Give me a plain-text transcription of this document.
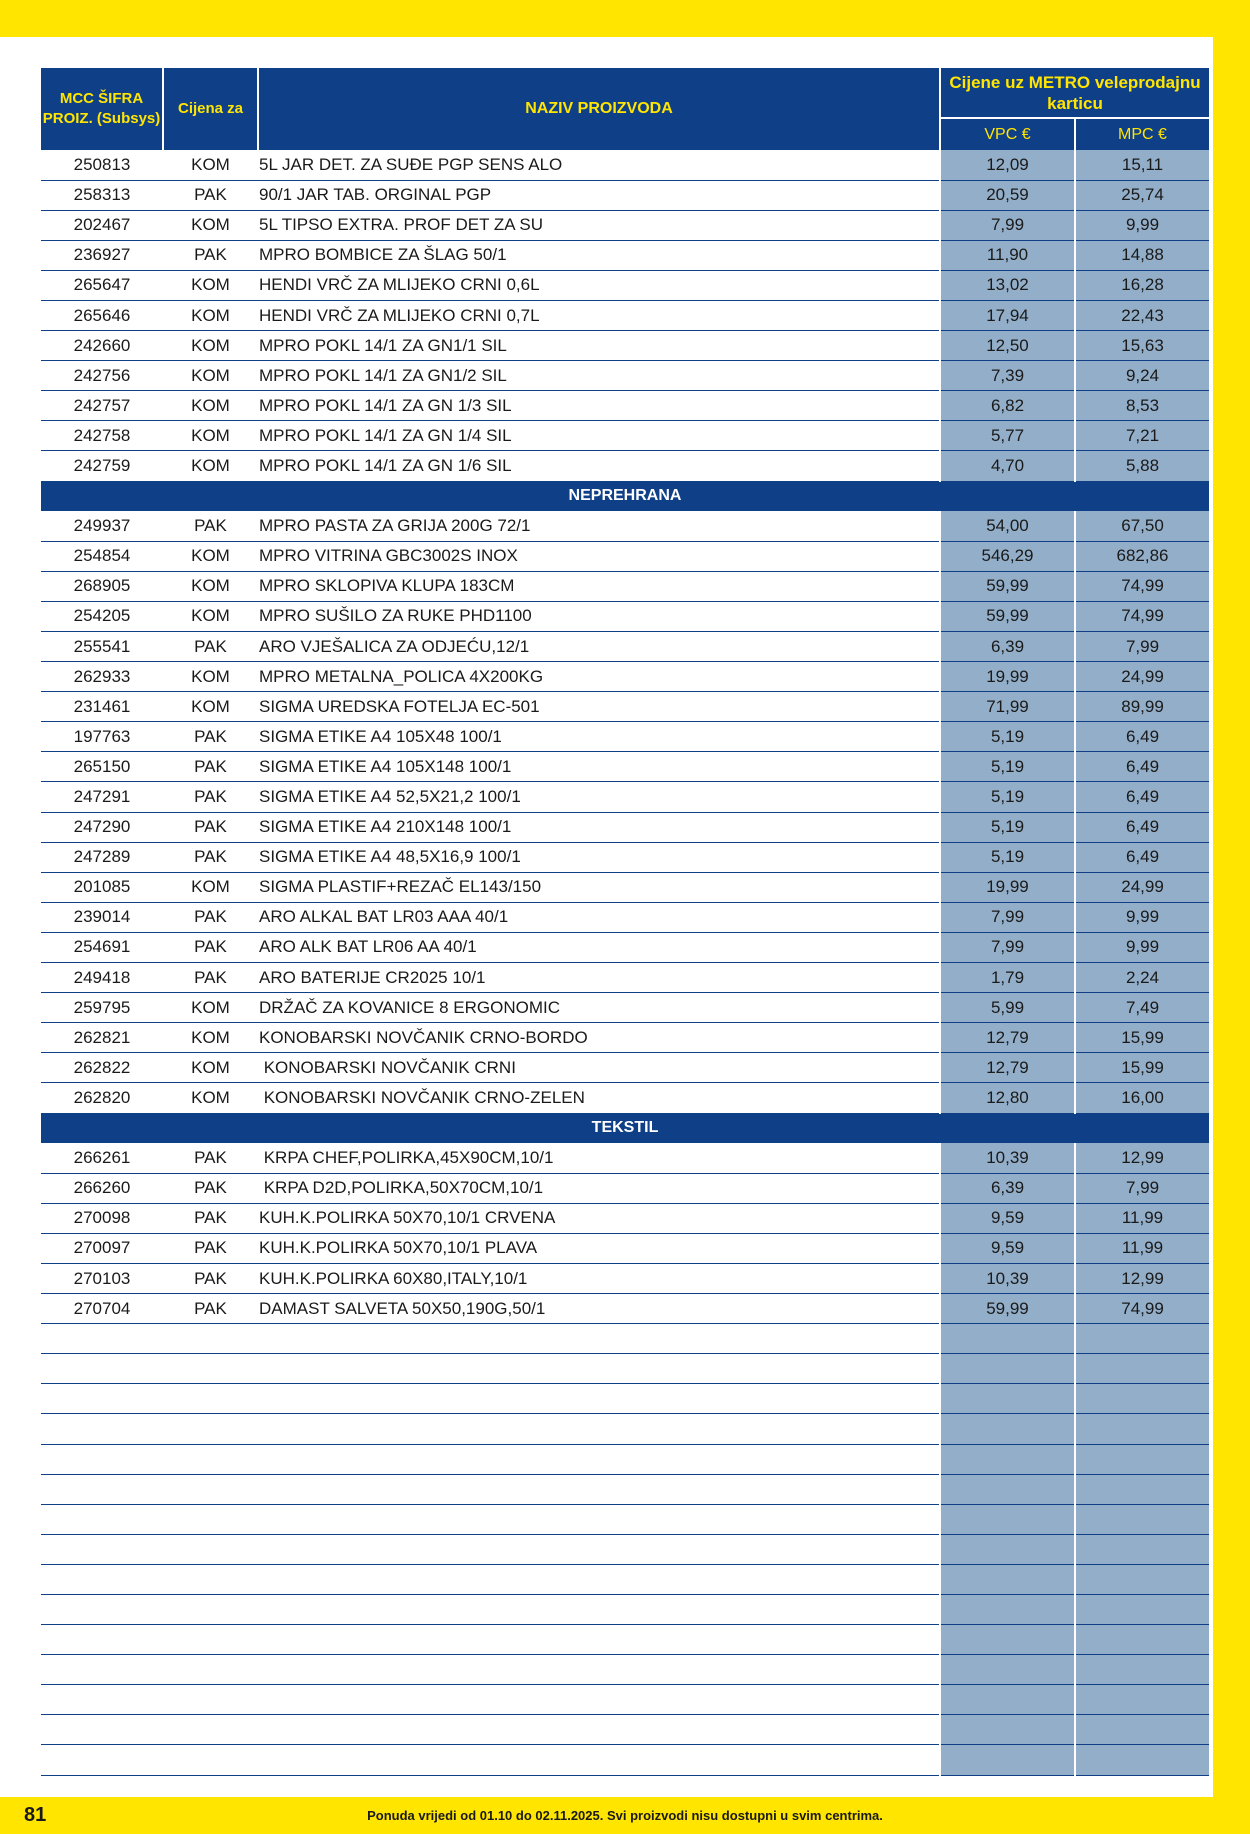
MCC ŠIFRA PROIZ. (Subsys)	Cijena za	NAZIV PROIZVODA	Cijene uz METRO veleprodajnu karticu	
			VPC €	MPC €
250813	KOM	5L JAR DET. ZA SUĐE PGP SENS ALO	12,09	15,11
258313	PAK	90/1 JAR TAB. ORGINAL PGP	20,59	25,74
202467	KOM	5L TIPSO EXTRA. PROF DET ZA SU	7,99	9,99
236927	PAK	MPRO BOMBICE ZA ŠLAG 50/1	11,90	14,88
265647	KOM	HENDI VRČ ZA MLIJEKO CRNI 0,6L	13,02	16,28
265646	KOM	HENDI VRČ ZA MLIJEKO CRNI 0,7L	17,94	22,43
242660	KOM	MPRO POKL 14/1 ZA GN1/1 SIL	12,50	15,63
242756	KOM	MPRO POKL 14/1 ZA GN1/2 SIL	7,39	9,24
242757	KOM	MPRO POKL 14/1 ZA GN 1/3 SIL	6,82	8,53
242758	KOM	MPRO POKL 14/1 ZA GN 1/4 SIL	5,77	7,21
242759	KOM	MPRO POKL 14/1 ZA GN 1/6 SIL	4,70	5,88
NEPREHRANA				
249937	PAK	MPRO PASTA ZA GRIJA 200G 72/1	54,00	67,50
254854	KOM	MPRO VITRINA GBC3002S INOX	546,29	682,86
268905	KOM	MPRO SKLOPIVA KLUPA 183CM	59,99	74,99
254205	KOM	MPRO SUŠILO ZA RUKE PHD1100	59,99	74,99
255541	PAK	ARO VJEŠALICA ZA ODJEĆU,12/1	6,39	7,99
262933	KOM	MPRO METALNA_POLICA 4X200KG	19,99	24,99
231461	KOM	SIGMA UREDSKA FOTELJA EC-501	71,99	89,99
197763	PAK	SIGMA ETIKE A4 105X48 100/1	5,19	6,49
265150	PAK	SIGMA ETIKE A4 105X148 100/1	5,19	6,49
247291	PAK	SIGMA ETIKE A4 52,5X21,2 100/1	5,19	6,49
247290	PAK	SIGMA ETIKE A4 210X148 100/1	5,19	6,49
247289	PAK	SIGMA ETIKE A4 48,5X16,9 100/1	5,19	6,49
201085	KOM	SIGMA PLASTIF+REZAČ EL143/150	19,99	24,99
239014	PAK	ARO ALKAL BAT LR03 AAA 40/1	7,99	9,99
254691	PAK	ARO ALK BAT LR06 AA 40/1	7,99	9,99
249418	PAK	ARO BATERIJE CR2025 10/1	1,79	2,24
259795	KOM	DRŽAČ ZA KOVANICE 8 ERGONOMIC	5,99	7,49
262821	KOM	KONOBARSKI NOVČANIK CRNO-BORDO	12,79	15,99
262822	KOM	KONOBARSKI NOVČANIK CRNI	12,79	15,99
262820	KOM	KONOBARSKI NOVČANIK CRNO-ZELEN	12,80	16,00
TEKSTIL				
266261	PAK	KRPA CHEF,POLIRKA,45X90CM,10/1	10,39	12,99
266260	PAK	KRPA D2D,POLIRKA,50X70CM,10/1	6,39	7,99
270098	PAK	KUH.K.POLIRKA 50X70,10/1 CRVENA	9,59	11,99
270097	PAK	KUH.K.POLIRKA 50X70,10/1 PLAVA	9,59	11,99
270103	PAK	KUH.K.POLIRKA 60X80,ITALY,10/1	10,39	12,99
270704	PAK	DAMAST SALVETA 50X50,190G,50/1	59,99	74,99

81	Ponuda vrijedi od 01.10 do 02.11.2025. Svi proizvodi nisu dostupni u svim centrima.
